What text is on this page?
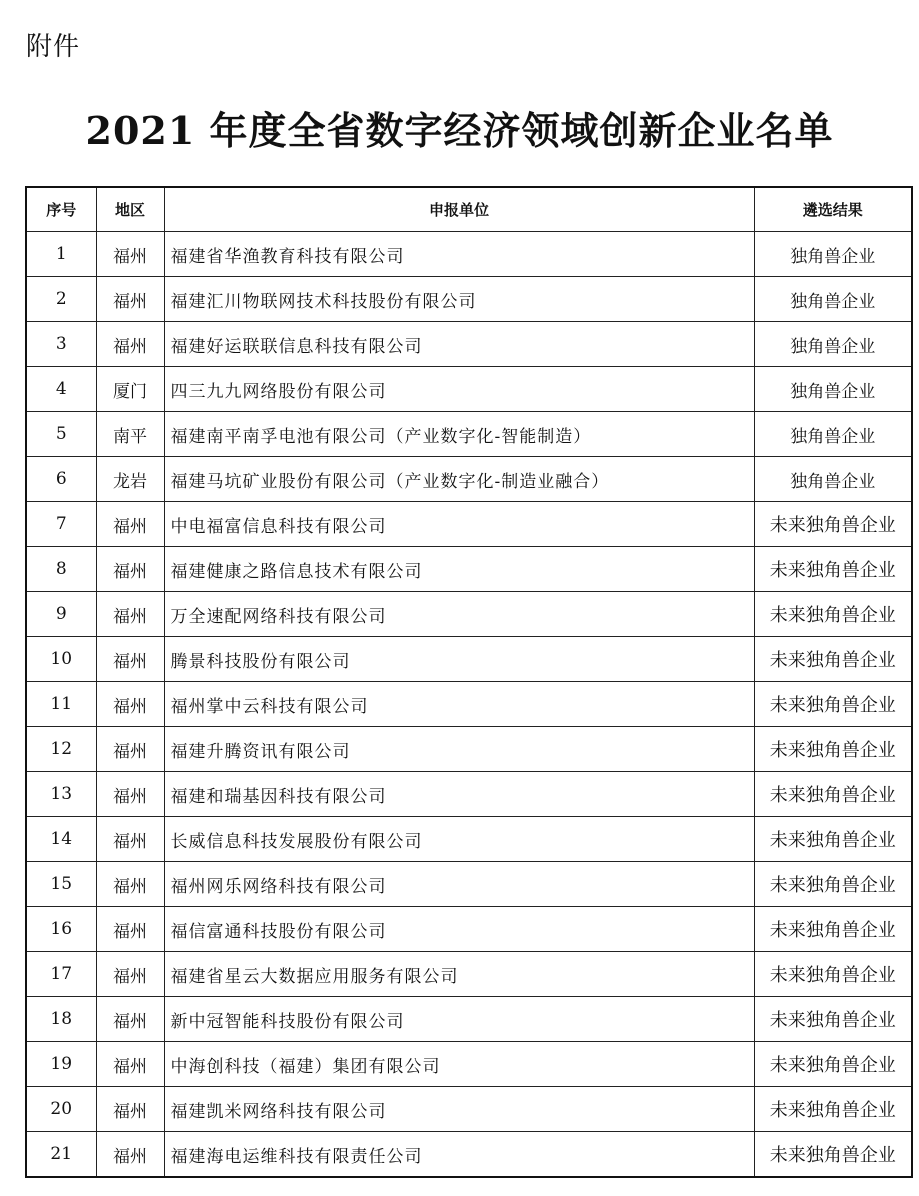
附件
2021 年度全省数字经济领域创新企业名单
序号	地区	申报单位	遴选结果
1	福州	福建省华渔教育科技有限公司	独角兽企业
2	福州	福建汇川物联网技术科技股份有限公司	独角兽企业
3	福州	福建好运联联信息科技有限公司	独角兽企业
4	厦门	四三九九网络股份有限公司	独角兽企业
5	南平	福建南平南孚电池有限公司（产业数字化-智能制造）	独角兽企业
6	龙岩	福建马坑矿业股份有限公司（产业数字化-制造业融合）	独角兽企业
7	福州	中电福富信息科技有限公司	未来独角兽企业
8	福州	福建健康之路信息技术有限公司	未来独角兽企业
9	福州	万全速配网络科技有限公司	未来独角兽企业
10	福州	腾景科技股份有限公司	未来独角兽企业
11	福州	福州掌中云科技有限公司	未来独角兽企业
12	福州	福建升腾资讯有限公司	未来独角兽企业
13	福州	福建和瑞基因科技有限公司	未来独角兽企业
14	福州	长威信息科技发展股份有限公司	未来独角兽企业
15	福州	福州网乐网络科技有限公司	未来独角兽企业
16	福州	福信富通科技股份有限公司	未来独角兽企业
17	福州	福建省星云大数据应用服务有限公司	未来独角兽企业
18	福州	新中冠智能科技股份有限公司	未来独角兽企业
19	福州	中海创科技（福建）集团有限公司	未来独角兽企业
20	福州	福建凯米网络科技有限公司	未来独角兽企业
21	福州	福建海电运维科技有限责任公司	未来独角兽企业
